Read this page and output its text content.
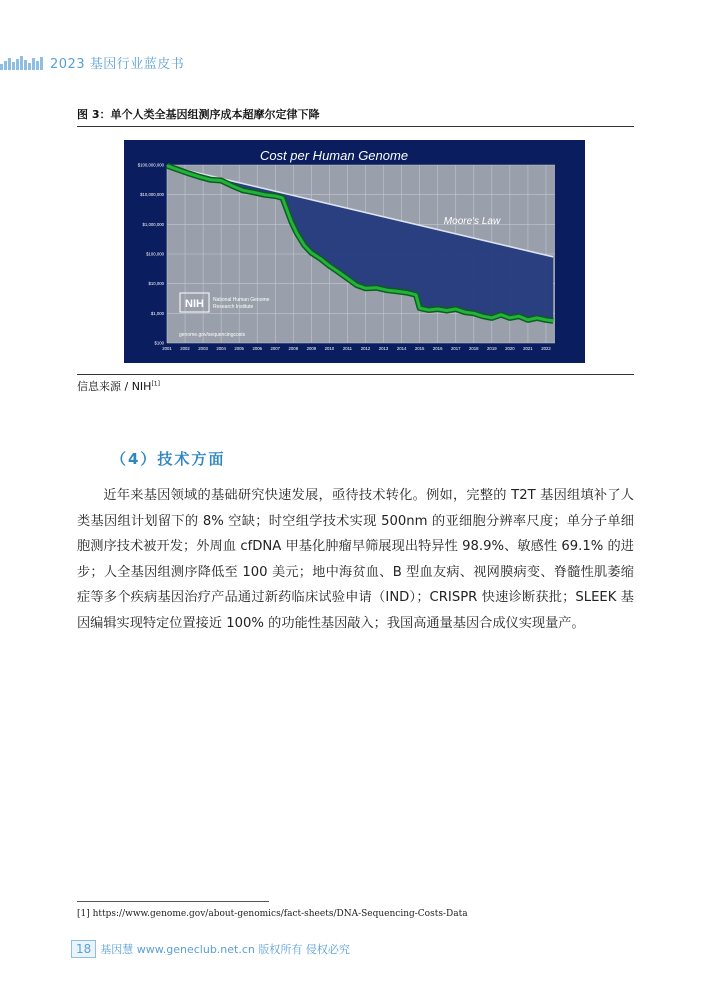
2023 基因行业蓝皮书
图 3：单个人类全基因组测序成本超摩尔定律下降
$100
$1,000
$10,000
$100,000
$1,000,000
$10,000,000
$100,000,000
2001 2002 2003 2004 2005 2006 2007 2008 2009 2010 2011 2012 2013 2014 2015 2016 2017 2018 2019 2020 2021 2022
Cost per Human Genome
Moore's Law
NIH National Human Genome
Research Institute
genome.gov/sequencingcosts
信息来源 / NIH[1]
（4）技术方面

近年来基因领域的基础研究快速发展，亟待技术转化。例如，完整的 T2T 基因组填补了人类基因组计划留下的 8% 空缺；时空组学技术实现 500nm 的亚细胞分辨率尺度；单分子单细胞测序技术被开发；外周血 cfDNA 甲基化肿瘤早筛展现出特异性 98.9%、敏感性 69.1% 的进步；人全基因组测序降低至 100 美元；地中海贫血、B 型血友病、视网膜病变、脊髓性肌萎缩症等多个疾病基因治疗产品通过新药临床试验申请（IND）；CRISPR 快速诊断获批；SLEEK 基因编辑实现特定位置接近 100% 的功能性基因敲入；我国高通量基因合成仪实现量产。

[1] https://www.genome.gov/about-genomics/fact-sheets/DNA-Sequencing-Costs-Data
18 基因慧 www.geneclub.net.cn 版权所有 侵权必究
